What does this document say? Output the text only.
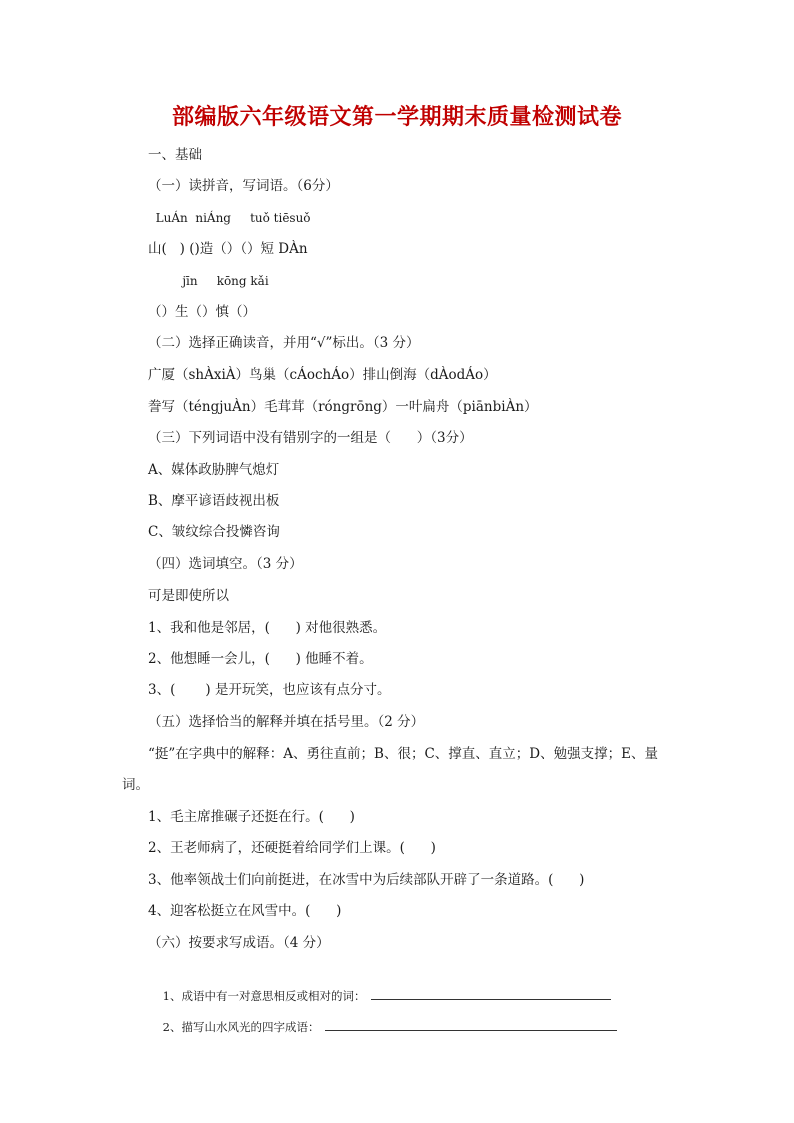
部编版六年级语文第一学期期末质量检测试卷
一、基础
（一）读拼音，写词语。（6分）
LuÁn  niÁng     tuǒ tiēsuǒ
山(   ) ()造（）（）短 DÀn
jīn     kōng kǎi
（）生（）慎（）
（二）选择正确读音，并用“√”标出。（3 分）
广厦（shÀxiÀ）鸟巢（cÁochÁo）排山倒海（dÀodÁo）
誊写（téngjuÀn）毛茸茸（róngrōng）一叶扁舟（piānbiÀn）
（三）下列词语中没有错别字的一组是（      ）（3分）
A、媒体政胁脾气熄灯
B、摩平谚语歧视出板
C、皱纹综合投憐咨询
（四）选词填空。（3 分）
可是即使所以
1、我和他是邻居，(      ) 对他很熟悉。
2、他想睡一会儿，(      ) 他睡不着。
3、(       ) 是开玩笑，也应该有点分寸。
（五）选择恰当的解释并填在括号里。（2 分）
“挺”在字典中的解释：A、勇往直前；B、很；C、撑直、直立；D、勉强支撑；E、量
词。
1、毛主席推碾子还挺在行。(      )
2、王老师病了，还硬挺着给同学们上课。(      )
3、他率领战士们向前挺进，在冰雪中为后续部队开辟了一条道路。(      )
4、迎客松挺立在风雪中。(      )
（六）按要求写成语。（4 分）

1、成语中有一对意思相反或相对的词：

2、描写山水风光的四字成语：
